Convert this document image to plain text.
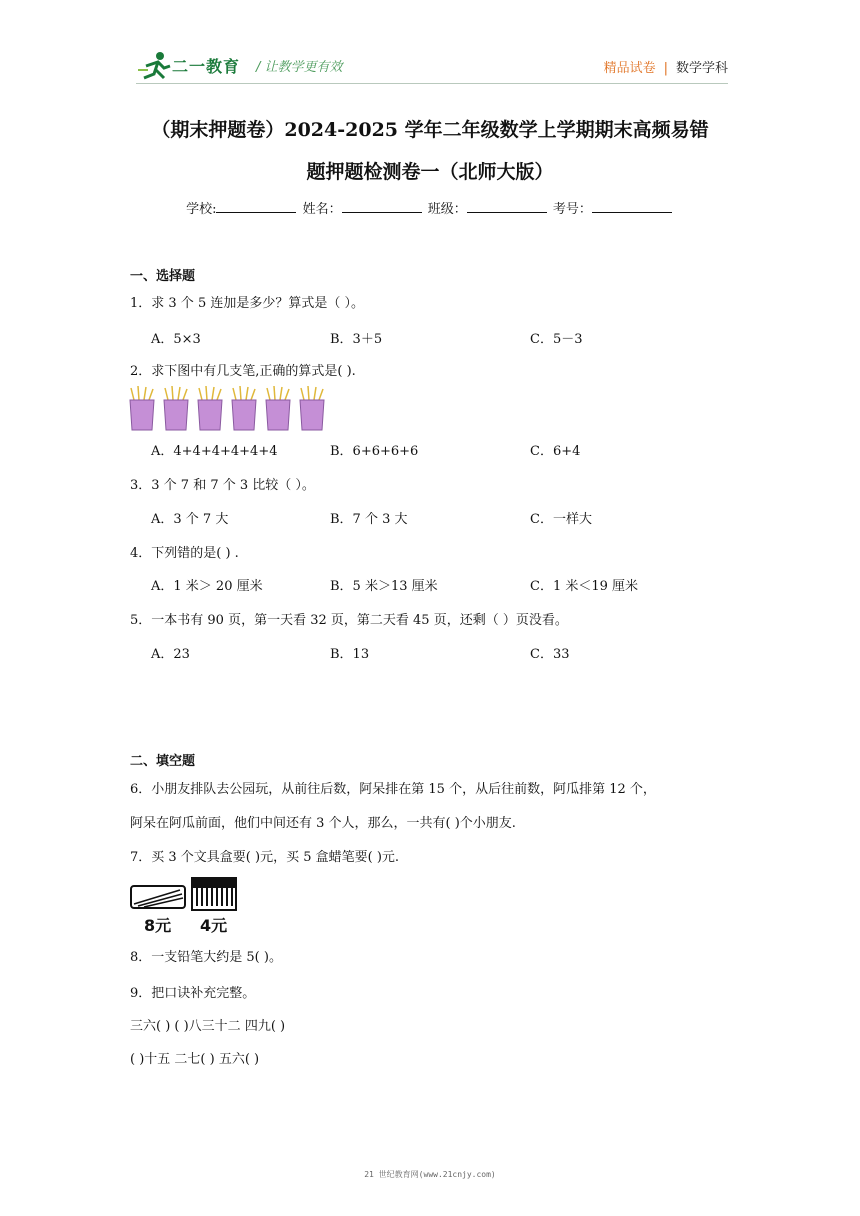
二一教育 / 让教学更有效	精品试卷 | 数学学科
（期末押题卷）2024-2025 学年二年级数学上学期期末高频易错
题押题检测卷一（北师大版）
学校:	姓名：	班级：	考号：
一、选择题
1．求 3 个 5 连加是多少？算式是（ ）。
A．5×3	B．3＋5	C．5－3
2．求下图中有几支笔,正确的算式是( ).
A．4+4+4+4+4+4	B．6+6+6+6	C．6+4
3．3 个 7 和 7 个 3 比较（ ）。
A．3 个 7 大	B．7 个 3 大	C．一样大
4．下列错的是( ) .
A．1 米＞ 20 厘米	B．5 米＞13 厘米	C．1 米＜19 厘米
5．一本书有 90 页，第一天看 32 页，第二天看 45 页，还剩（ ）页没看。
A．23	B．13	C．33
二、填空题
6．小朋友排队去公园玩，从前往后数，阿呆排在第 15 个，从后往前数，阿瓜排第 12 个，
阿呆在阿瓜前面，他们中间还有 3 个人，那么，一共有( )个小朋友.
7．买 3 个文具盒要( )元，买 5 盒蜡笔要( )元.
8元 4元
8．一支铅笔大约是 5( )。
9．把口诀补充完整。
三六( ) ( )八三十二 四九( )
( )十五 二七( ) 五六( )
21 世纪教育网(www.21cnjy.com)
